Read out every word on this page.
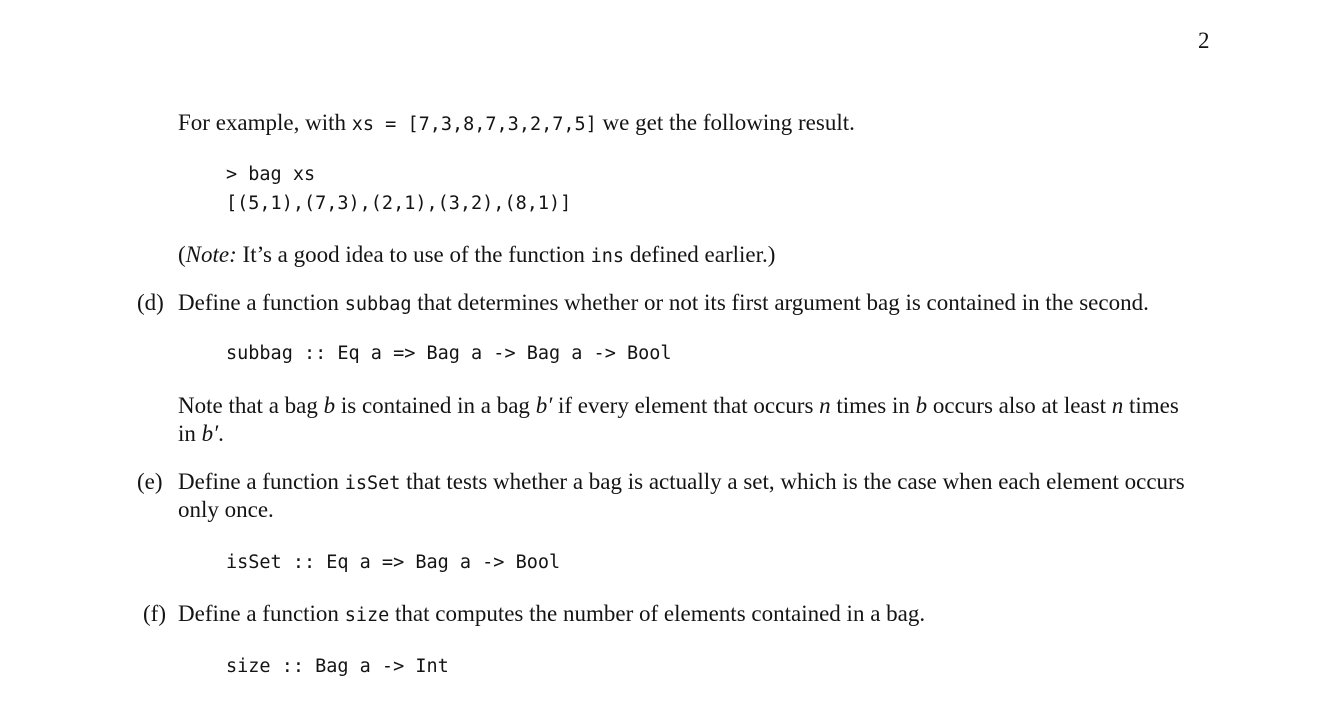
2
For example, with xs = [7,3,8,7,3,2,7,5] we get the following result.
> bag xs
[(5,1),(7,3),(2,1),(3,2),(8,1)]
(Note: It’s a good idea to use of the function ins defined earlier.)
(d) Define a function subbag that determines whether or not its first argument bag is contained in the second.
subbag :: Eq a => Bag a -> Bag a -> Bool
Note that a bag b is contained in a bag b′ if every element that occurs n times in b occurs also at least n times
in b′.
(e) Define a function isSet that tests whether a bag is actually a set, which is the case when each element occurs
only once.
isSet :: Eq a => Bag a -> Bool
(f) Define a function size that computes the number of elements contained in a bag.
size :: Bag a -> Int
